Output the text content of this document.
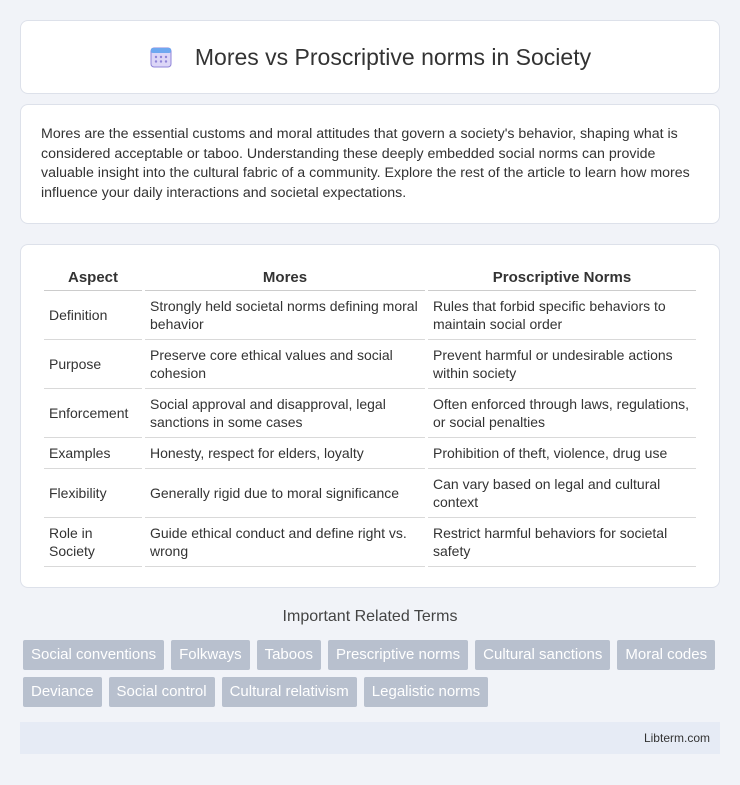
Mores vs Proscriptive norms in Society

Mores are the essential customs and moral attitudes that govern a society's behavior, shaping what is considered acceptable or taboo. Understanding these deeply embedded social norms can provide valuable insight into the cultural fabric of a community. Explore the rest of the article to learn how mores influence your daily interactions and societal expectations.

Aspect	Mores	Proscriptive Norms
Definition	Strongly held societal norms defining moral behavior	Rules that forbid specific behaviors to maintain social order
Purpose	Preserve core ethical values and social cohesion	Prevent harmful or undesirable actions within society
Enforcement	Social approval and disapproval, legal sanctions in some cases	Often enforced through laws, regulations, or social penalties
Examples	Honesty, respect for elders, loyalty	Prohibition of theft, violence, drug use
Flexibility	Generally rigid due to moral significance	Can vary based on legal and cultural context
Role in Society	Guide ethical conduct and define right vs. wrong	Restrict harmful behaviors for societal safety
Important Related Terms
Social conventions	Folkways	Taboos	Prescriptive norms	Cultural sanctions	Moral codes
Deviance	Social control	Cultural relativism	Legalistic norms
Libterm.com
